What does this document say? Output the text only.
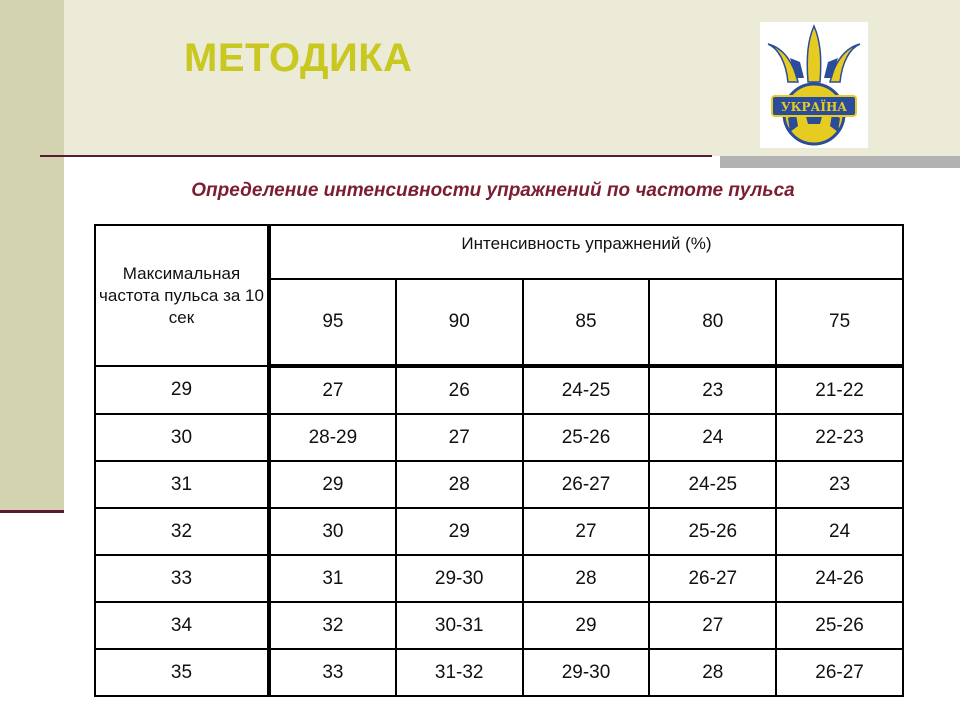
УКРАЇНА
МЕТОДИКА
Определение интенсивности упражнений по частоте пульса
Максимальная частота пульса за 10 сек	Интенсивность упражнений (%)				
	95	90	85	80	75
29	27	26	24-25	23	21-22
30	28-29	27	25-26	24	22-23
31	29	28	26-27	24-25	23
32	30	29	27	25-26	24
33	31	29-30	28	26-27	24-26
34	32	30-31	29	27	25-26
35	33	31-32	29-30	28	26-27
